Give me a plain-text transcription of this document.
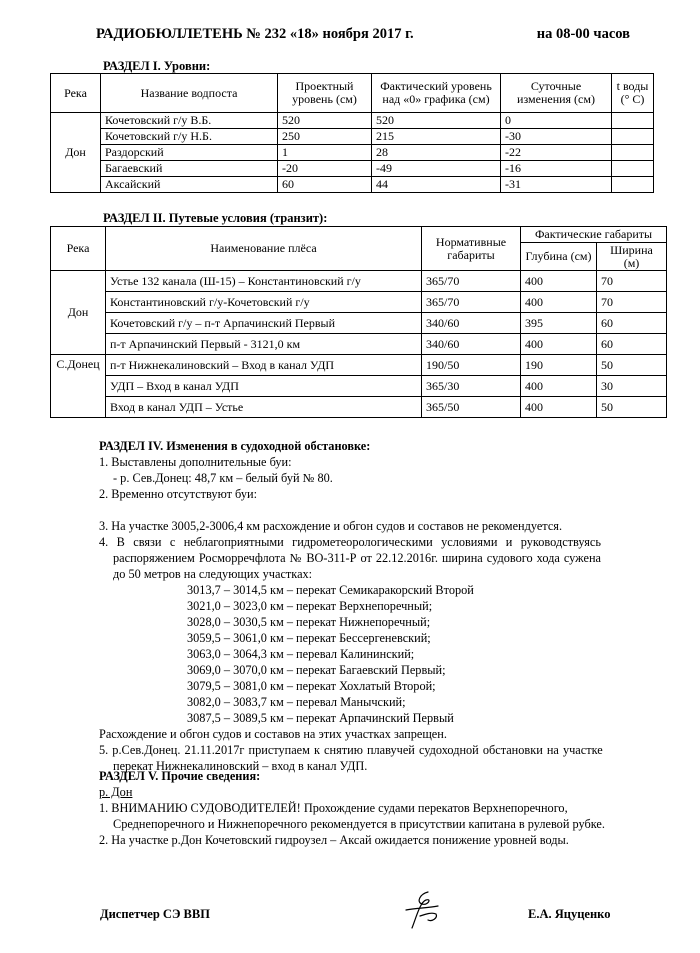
РАДИОБЮЛЛЕТЕНЬ № 232 «18» ноября 2017 г.	на 08-00 часов
РАЗДЕЛ I. Уровни:
Река	Название водпоста	Проектный уровень (см)	Фактический уровень над «0» графика (см)	Суточные изменения (см)	t воды (° С)
Дон	Кочетовский г/у В.Б.	520	520	0	
	Кочетовский г/у Н.Б.	250	215	-30	
	Раздорский	1	28	-22	
	Багаевский	-20	-49	-16	
	Аксайский	60	44	-31	
РАЗДЕЛ II. Путевые условия (транзит):
Река	Наименование плёса	Нормативные габариты	Фактические габариты	
			Глубина (см)	Ширина (м)
Дон	Устье 132 канала (Ш-15) – Константиновский г/у	365/70	400	70
	Константиновский г/у-Кочетовский г/у	365/70	400	70
	Кочетовский г/у – п-т Арпачинский Первый	340/60	395	60
	п-т Арпачинский Первый - 3121,0 км	340/60	400	60
С.Донец	п-т Нижнекалиновский – Вход в канал УДП	190/50	190	50
	УДП – Вход в канал УДП	365/30	400	30
	Вход в канал УДП – Устье	365/50	400	50

РАЗДЕЛ IV. Изменения в судоходной обстановке:

1. Выставлены дополнительные буи:

- р. Сев.Донец: 48,7 км – белый буй № 80.

2. Временно отсутствуют буи:

3. На участке 3005,2-3006,4 км расхождение и обгон судов и составов не рекомендуется.

4. В связи с неблагоприятными гидрометеорологическими условиями и руководствуясь

распоряжением Росморречфлота № ВО-311-Р от 22.12.2016г. ширина судового хода сужена до 50 метров на следующих участках:

3013,7 – 3014,5 км – перекат Семикаракорский Второй

3021,0 – 3023,0 км – перекат Верхнепоречный;

3028,0 – 3030,5 км – перекат Нижнепоречный;

3059,5 – 3061,0 км – перекат Бессергеневский;

3063,0 – 3064,3 км – перевал Калининский;

3069,0 – 3070,0 км – перекат Багаевский Первый;

3079,5 – 3081,0 км – перекат Хохлатый Второй;

3082,0 – 3083,7 км – перевал Манычский;

3087,5 – 3089,5 км – перекат Арпачинский Первый

Расхождение и обгон судов и составов на этих участках запрещен.

5. р.Сев.Донец. 21.11.2017г приступаем к снятию плавучей судоходной обстановки на участке

перекат Нижнекалиновский – вход в канал УДП.

РАЗДЕЛ V. Прочие сведения:

р. Дон

1. ВНИМАНИЮ СУДОВОДИТЕЛЕЙ! Прохождение судами перекатов Верхнепоречного,

Среднепоречного и Нижнепоречного рекомендуется в присутствии капитана в рулевой рубке.

2. На участке р.Дон Кочетовский гидроузел – Аксай ожидается понижение уровней воды.

Диспетчер СЭ ВВП	Е.А. Яцуценко
